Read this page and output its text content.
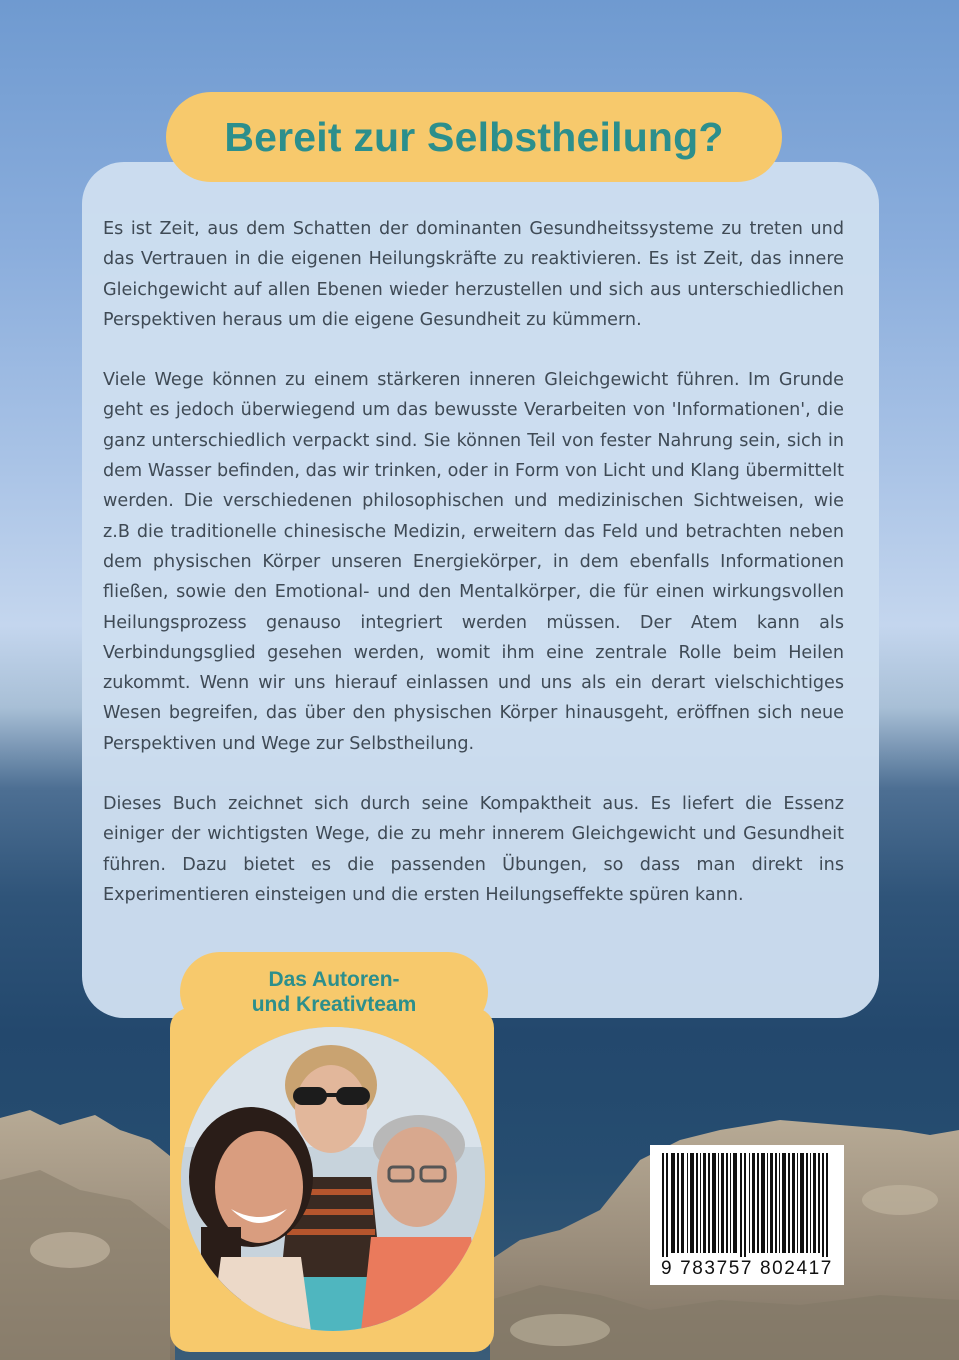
Bereit zur Selbstheilung?

Es ist Zeit, aus dem Schatten der dominanten Gesundheitssysteme zu treten und das Vertrauen in die eigenen Heilungskräfte zu reaktivieren. Es ist Zeit, das innere Gleichgewicht auf allen Ebenen wieder herzustellen und sich aus unterschiedlichen Perspektiven heraus um die eigene Gesundheit zu kümmern.

Viele Wege können zu einem stärkeren inneren Gleichgewicht führen. Im Grunde geht es jedoch überwiegend um das bewusste Verarbeiten von 'Informationen', die ganz unterschiedlich verpackt sind. Sie können Teil von fester Nahrung sein, sich in dem Wasser befinden, das wir trinken, oder in Form von Licht und Klang übermittelt werden. Die verschiedenen philosophischen und medizinischen Sichtweisen, wie z.B die traditionelle chinesische Medizin, erweitern das Feld und betrachten neben dem physischen Körper unseren Energiekörper, in dem ebenfalls Informationen fließen, sowie den Emotional- und den Mentalkörper, die für einen wirkungsvollen Heilungsprozess genauso integriert werden müssen. Der Atem kann als Verbindungsglied gesehen werden, womit ihm eine zentrale Rolle beim Heilen zukommt. Wenn wir uns hierauf einlassen und uns als ein derart vielschichtiges Wesen begreifen, das über den physischen Körper hinausgeht, eröffnen sich neue Perspektiven und Wege zur Selbstheilung.

Dieses Buch zeichnet sich durch seine Kompaktheit aus. Es liefert die Essenz einiger der wichtigsten Wege, die zu mehr innerem Gleichgewicht und Gesundheit führen. Dazu bietet es die passenden Übungen, so dass man direkt ins Experimentieren einsteigen und die ersten Heilungseffekte spüren kann.

Das Autoren-
und Kreativteam
9 783757 802417
